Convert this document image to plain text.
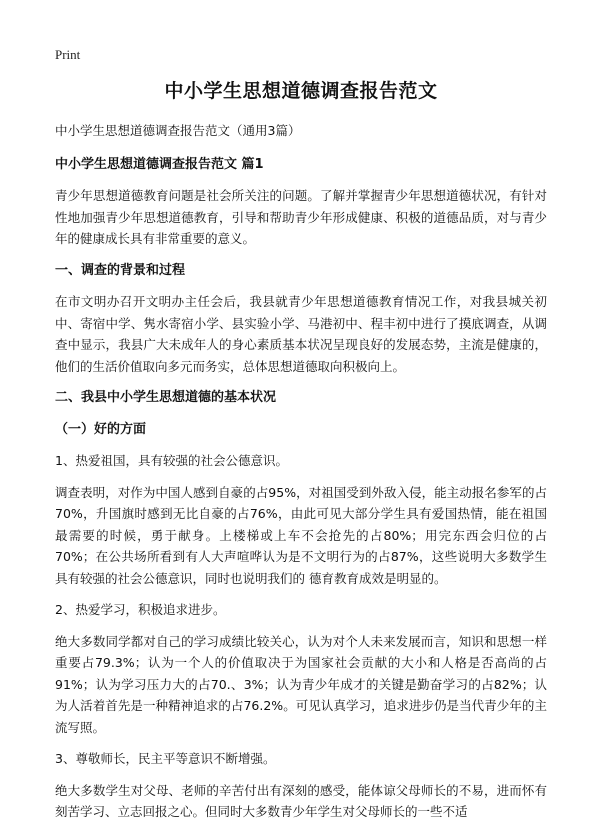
Print
中小学生思想道德调查报告范文

中小学生思想道德调查报告范文（通用3篇）

中小学生思想道德调查报告范文 篇1

青少年思想道德教育问题是社会所关注的问题。了解并掌握青少年思想道德状况，有针对性地加强青少年思想道德教育，引导和帮助青少年形成健康、积极的道德品质，对与青少年的健康成长具有非常重要的意义。

一、调查的背景和过程

在市文明办召开文明办主任会后，我县就青少年思想道德教育情况工作，对我县城关初中、寄宿中学、隽水寄宿小学、县实验小学、马港初中、程丰初中进行了摸底调查，从调查中显示，我县广大未成年人的身心素质基本状况呈现良好的发展态势，主流是健康的，他们的生活价值取向多元而务实，总体思想道德取向积极向上。

二、我县中小学生思想道德的基本状况

（一）好的方面

1、热爱祖国，具有较强的社会公德意识。

调查表明，对作为中国人感到自豪的占95%，对祖国受到外敌入侵，能主动报名参军的占70%，升国旗时感到无比自豪的占76%，由此可见大部分学生具有爱国热情，能在祖国最需要的时候，勇于献身。上楼梯或上车不会抢先的占80%；用完东西会归位的占70%；在公共场所看到有人大声喧哗认为是不文明行为的占87%，这些说明大多数学生具有较强的社会公德意识，同时也说明我们的 德育教育成效是明显的。

2、热爱学习，积极追求进步。

绝大多数同学都对自己的学习成绩比较关心，认为对个人未来发展而言，知识和思想一样重要占79.3%；认为一个人的价值取决于为国家社会贡献的大小和人格是否高尚的占91%；认为学习压力大的占70.、3%；认为青少年成才的关键是勤奋学习的占82%；认为人活着首先是一种精神追求的占76.2%。可见认真学习，追求进步仍是当代青少年的主流写照。

3、尊敬师长，民主平等意识不断增强。

绝大多数学生对父母、老师的辛苦付出有深刻的感受，能体谅父母师长的不易，进而怀有刻苦学习、立志回报之心。但同时大多数青少年学生对父母师长的一些不适
